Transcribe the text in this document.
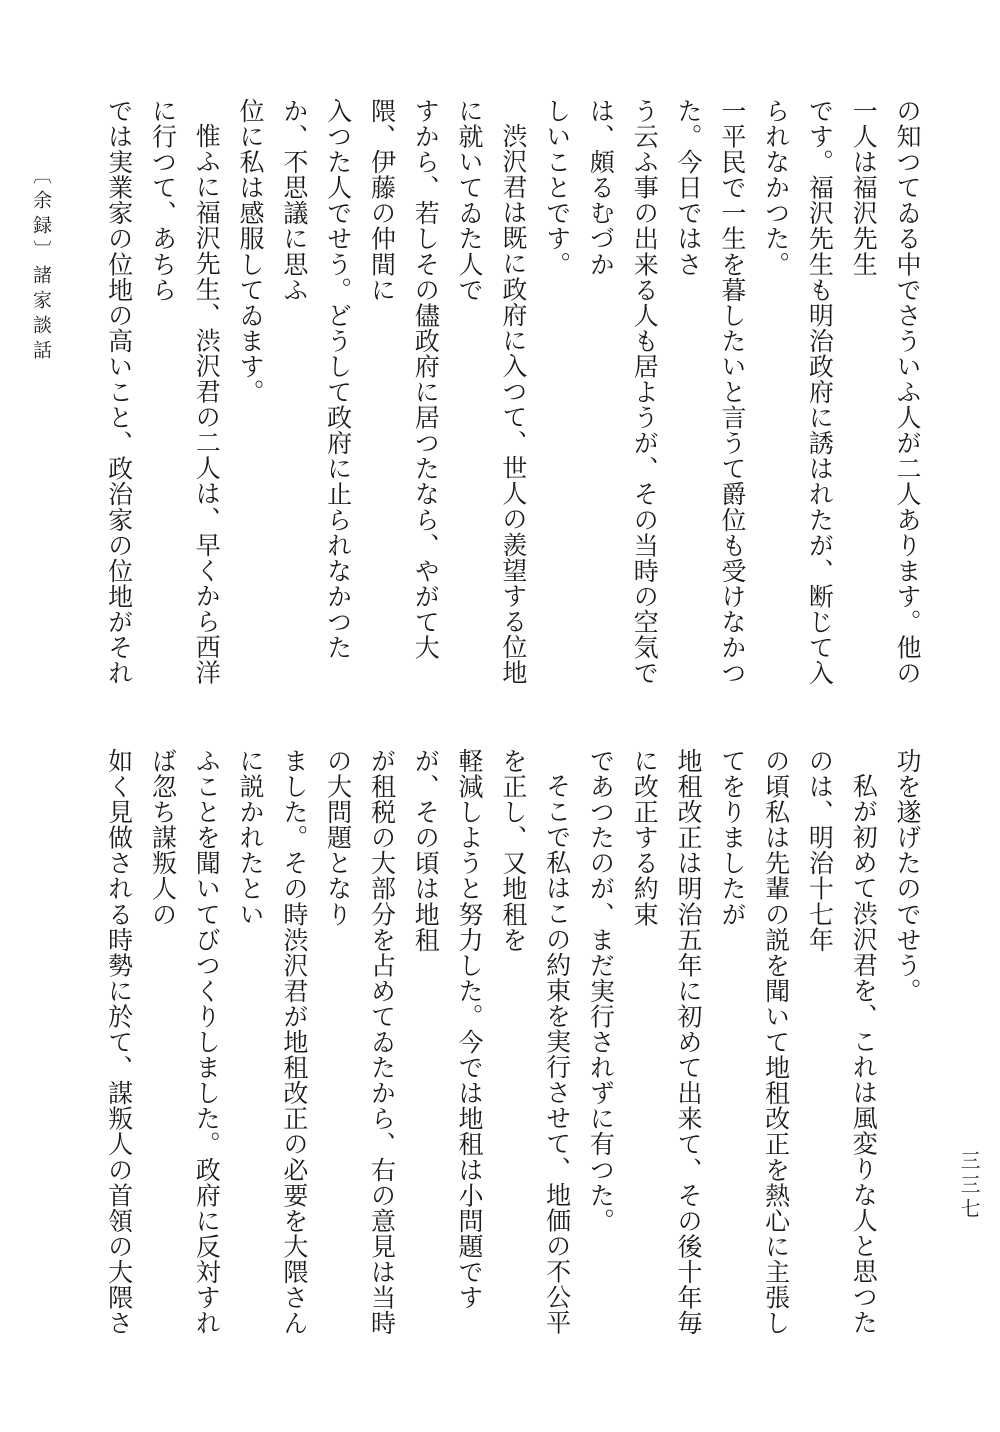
〔余録〕諸家談話
三三七

の知つてゐる中でさういふ人が二人あります。他の一人は福沢先生

です。福沢先生も明治政府に誘はれたが、断じて入られなかつた。

一平民で一生を暮したいと言うて爵位も受けなかつた。今日ではさ

う云ふ事の出来る人も居ようが、その当時の空気では、頗るむづか

しいことです。

渋沢君は既に政府に入つて、世人の羨望する位地に就いてゐた人で

すから、若しその儘政府に居つたなら、やがて大隈、伊藤の仲間に

入つた人でせう。どうして政府に止られなかつたか、不思議に思ふ

位に私は感服してゐます。

惟ふに福沢先生、渋沢君の二人は、早くから西洋に行つて、あちら

では実業家の位地の高いこと、政治家の位地がそれ

功を遂げたのでせう。

私が初めて渋沢君を、これは風変りな人と思つたのは、明治十七年

の頃私は先輩の説を聞いて地租改正を熱心に主張してをりましたが

地租改正は明治五年に初めて出来て、その後十年毎に改正する約束

であつたのが、まだ実行されずに有つた。

そこで私はこの約束を実行させて、地価の不公平を正し、又地租を

軽減しようと努力した。今では地租は小問題ですが、その頃は地租

が租税の大部分を占めてゐたから、右の意見は当時の大問題となり

ました。その時渋沢君が地租改正の必要を大隈さんに説かれたとい

ふことを聞いてびつくりしました。政府に反対すれば忽ち謀叛人の

如く見做される時勢に於て、謀叛人の首領の大隈さ
